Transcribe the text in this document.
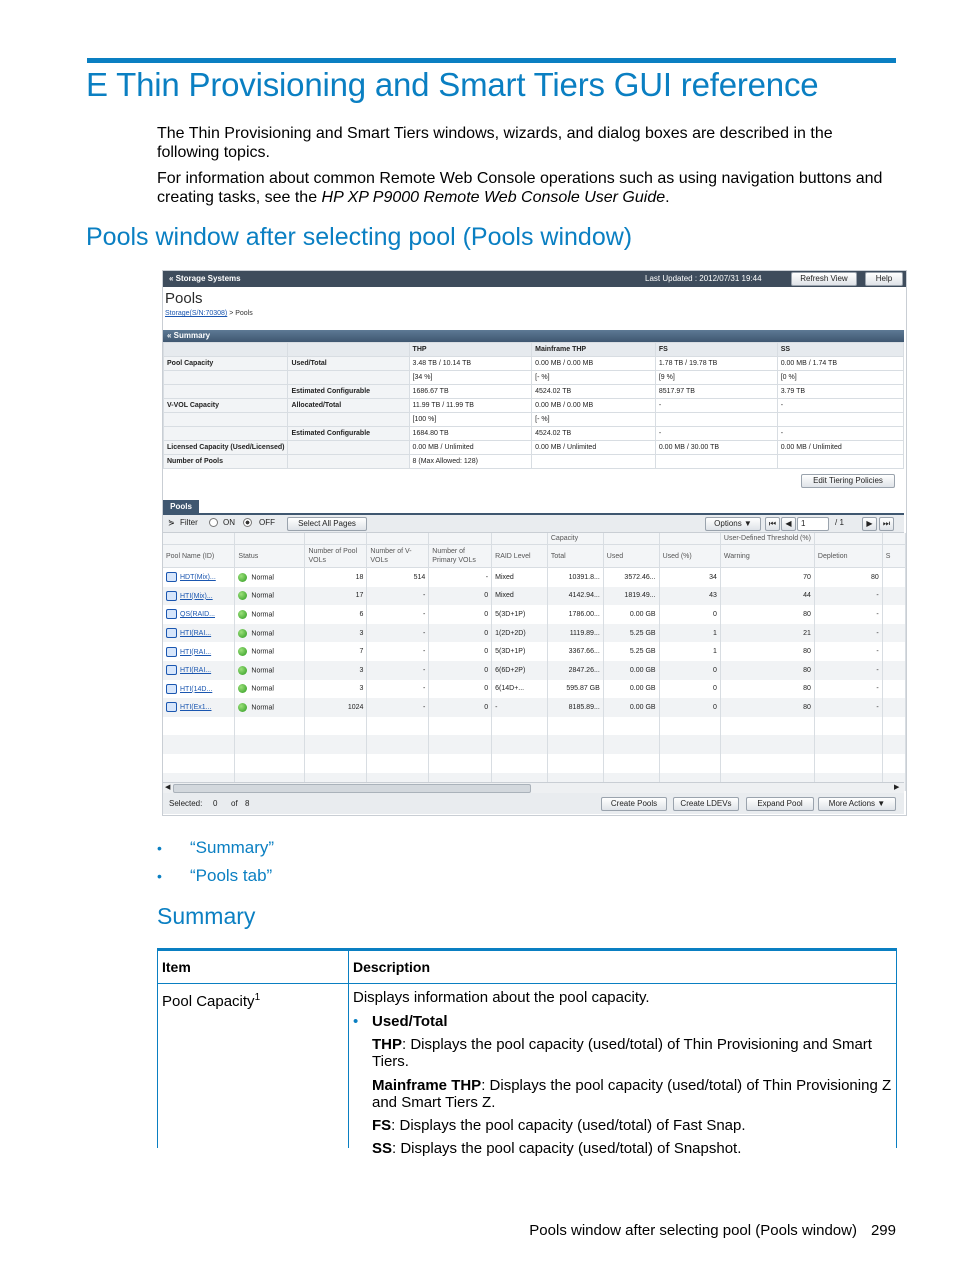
E Thin Provisioning and Smart Tiers GUI reference
The Thin Provisioning and Smart Tiers windows, wizards, and dialog boxes are described in the following topics.
For information about common Remote Web Console operations such as using navigation buttons and creating tasks, see the HP XP P9000 Remote Web Console User Guide.
Pools window after selecting pool (Pools window)
« Storage Systems	Last Updated : 2012/07/31 19:44	Refresh View	Help
Pools
Storage(S/N:70308) > Pools
« Summary
		THP	Mainframe THP	FS	SS
Pool Capacity	Used/Total	3.48 TB / 10.14 TB	0.00 MB / 0.00 MB	1.78 TB / 19.78 TB	0.00 MB / 1.74 TB
		[34 %]	[- %]	[9 %]	[0 %]
	Estimated Configurable	1686.67 TB	4524.02 TB	8517.97 TB	3.79 TB
V-VOL Capacity	Allocated/Total	11.99 TB / 11.99 TB	0.00 MB / 0.00 MB	-	-
		[100 %]	[- %]		
	Estimated Configurable	1684.80 TB	4524.02 TB	-	-
Licensed Capacity (Used/Licensed)		0.00 MB / Unlimited	0.00 MB / Unlimited	0.00 MB / 30.00 TB	0.00 MB / Unlimited
Number of Pools		8 (Max Allowed: 128)			
Edit Tiering Policies
Pools
⋟ Filter	ON	OFF	Select All Pages	Options ▼	⏮	◀	1	/ 1	▶	⏭
						Capacity			User-Defined Threshold (%)		
Pool Name (ID)	Status	Number of Pool VOLs	Number of V-VOLs	Number of Primary VOLs	RAID Level	Total	Used	Used (%)	Warning	Depletion	S
HDT(Mix)...	Normal	18	514	-	Mixed	10391.8...	3572.46...	34	70	80	
HTI(Mix)...	Normal	17	-	0	Mixed	4142.94...	1819.49...	43	44	-	
QS(RAID...	Normal	6	-	0	5(3D+1P)	1786.00...	0.00 GB	0	80	-	
HTI(RAI...	Normal	3	-	0	1(2D+2D)	1119.89...	5.25 GB	1	21	-	
HTI(RAI...	Normal	7	-	0	5(3D+1P)	3367.66...	5.25 GB	1	80	-	
HTI(RAI...	Normal	3	-	0	6(6D+2P)	2847.26...	0.00 GB	0	80	-	
HTI(14D...	Normal	3	-	0	6(14D+...	595.87 GB	0.00 GB	0	80	-	
HTI(Ex1...	Normal	1024	-	0	-	8185.89...	0.00 GB	0	80	-	

◀	▶
Selected: 0 of 8	Create Pools	Create LDEVs	Expand Pool	More Actions ▼
• “Summary”
• “Pools tab”
Summary
Item	Description
Pool Capacity$^1$	Displays information about the pool capacity.
• Used/Total
THP: Displays the pool capacity (used/total) of Thin Provisioning and Smart Tiers.
Mainframe THP: Displays the pool capacity (used/total) of Thin Provisioning Z and Smart Tiers Z.
FS: Displays the pool capacity (used/total) of Fast Snap.
SS: Displays the pool capacity (used/total) of Snapshot.
Pools window after selecting pool (Pools window) 299
